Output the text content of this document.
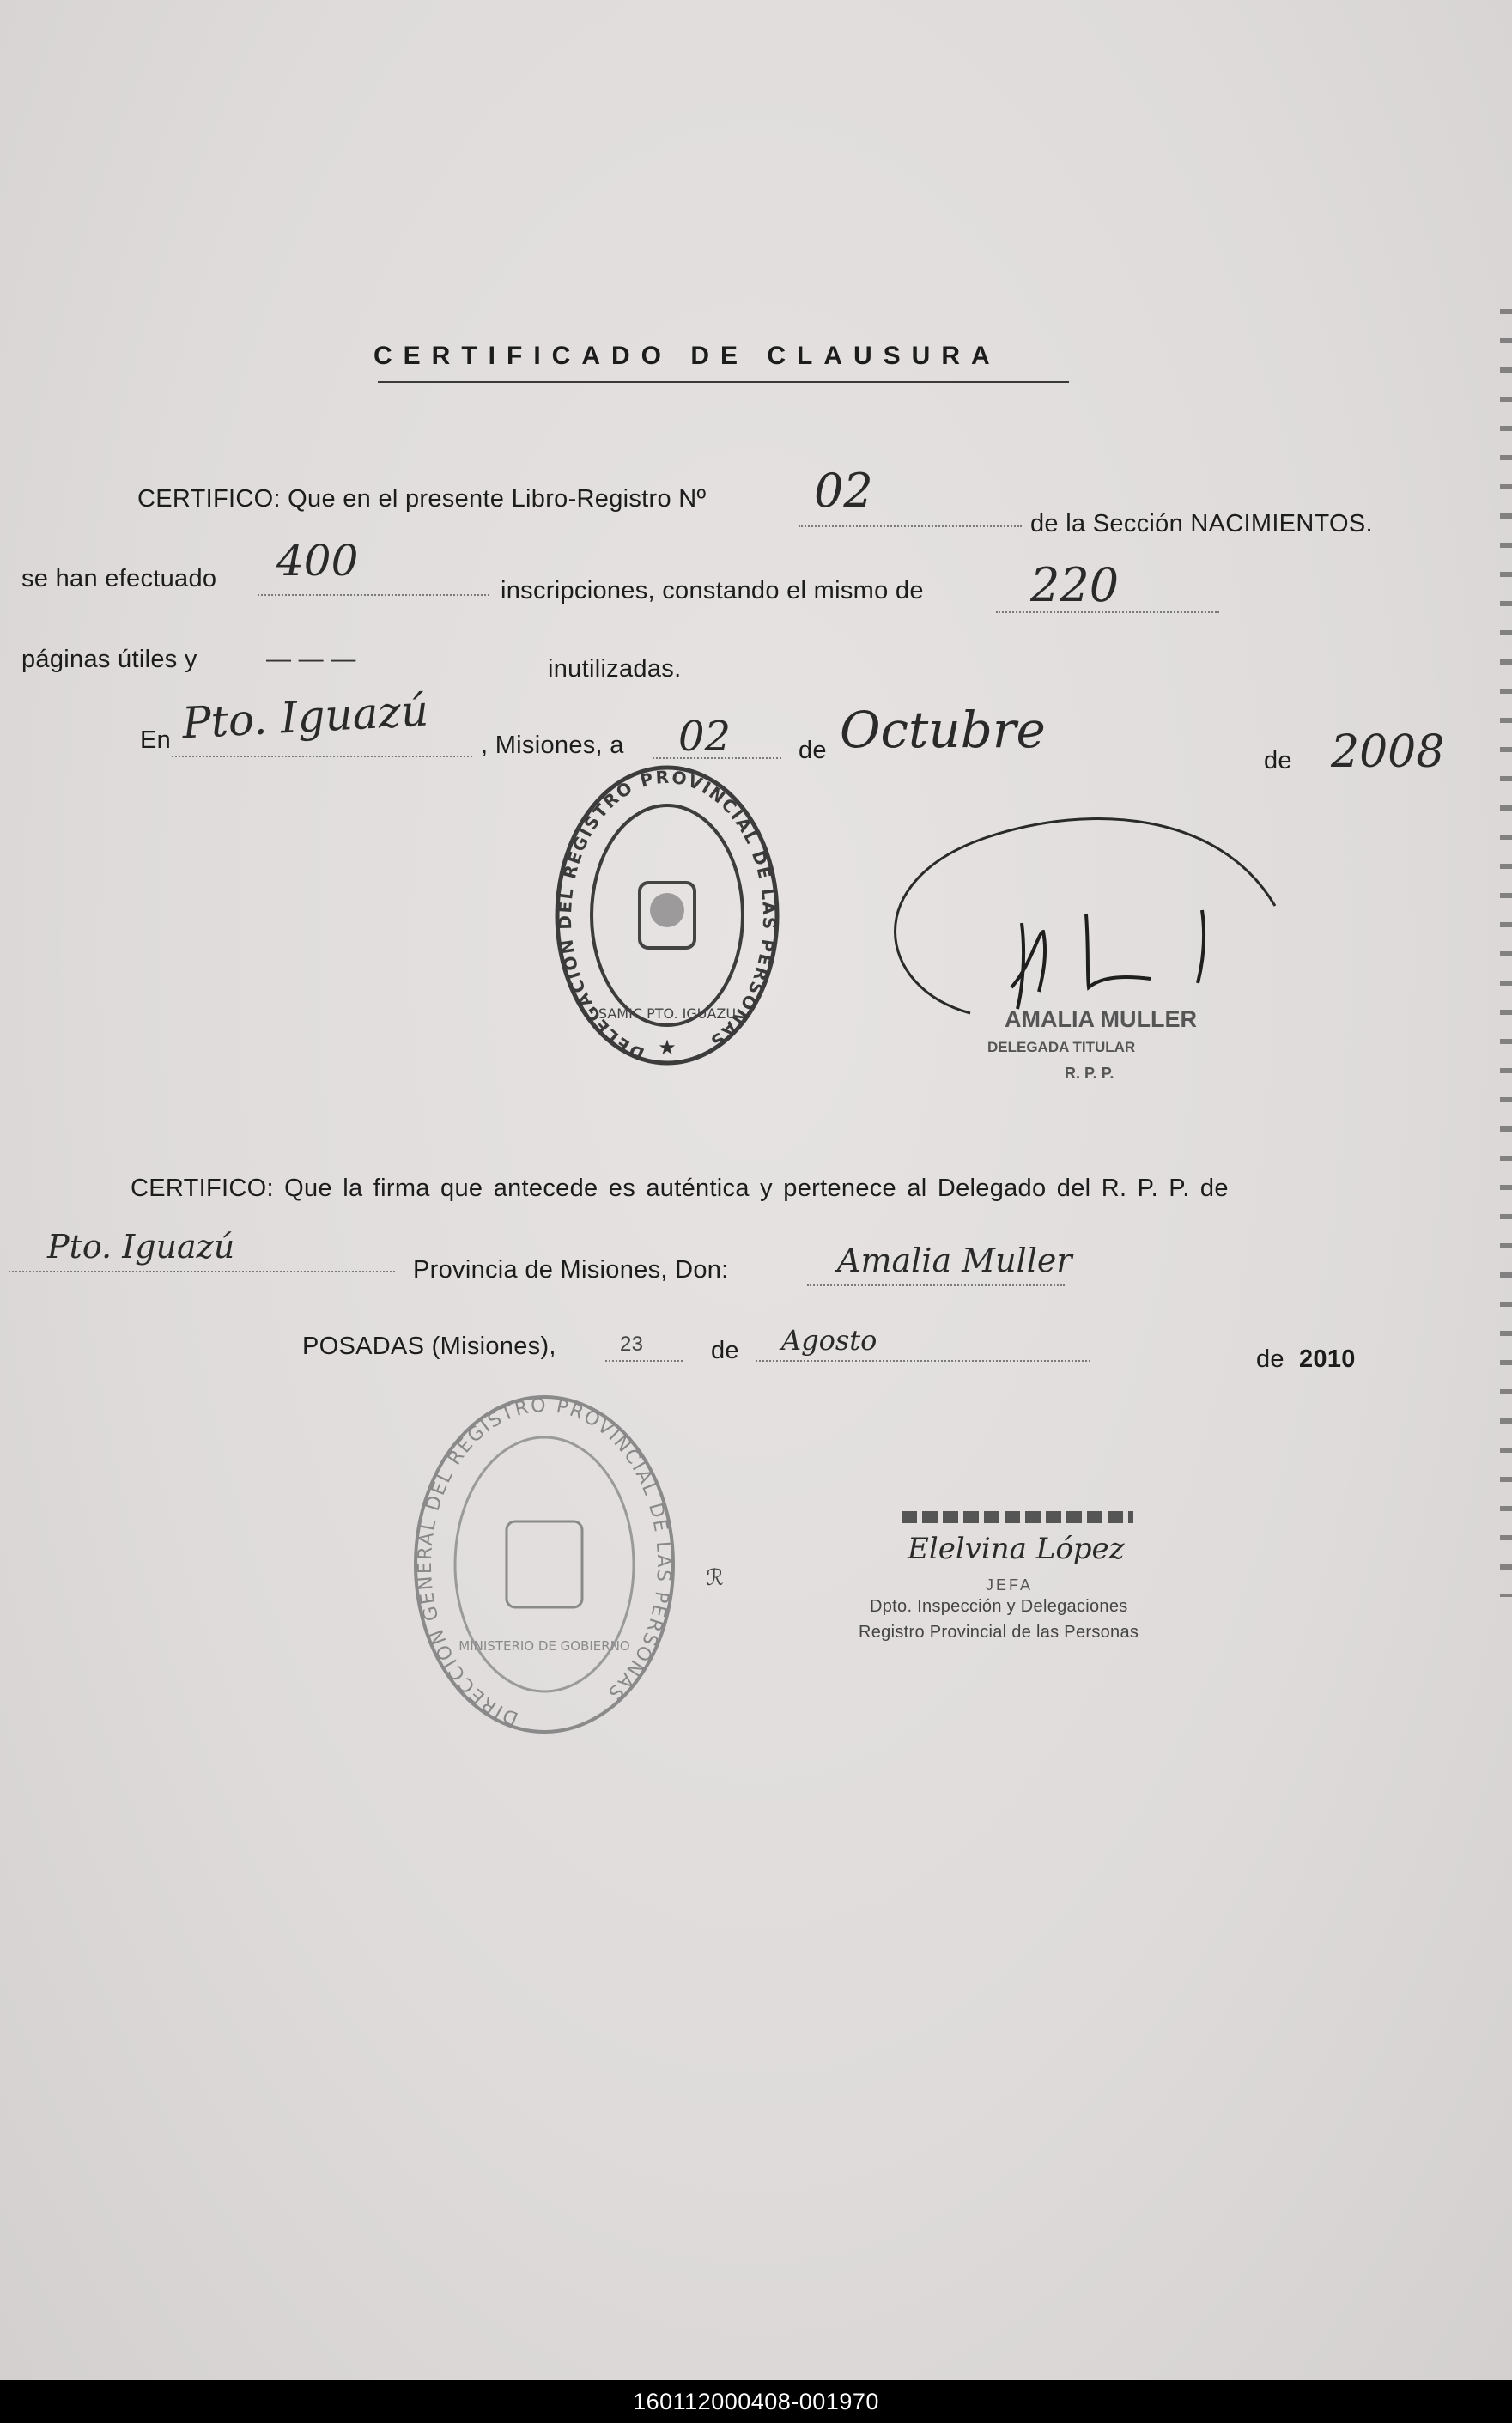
CERTIFICADO DE CLAUSURA
CERTIFICO: Que en el presente Libro-Registro Nº 02
de la Sección NACIMIENTOS.
se han efectuado 400
inscripciones, constando el mismo de 220
páginas útiles y	— — —	inutilizadas.
En Pto. Iguazú , Misiones, a 02	de Octubre
de 2008
DELEGACION DEL REGISTRO PROVINCIAL DE LAS PERSONAS
SAMIC PTO. IGUAZU
★
AMALIA MULLER
DELEGADA TITULAR
R. P. P.
CERTIFICO: Que la firma que antecede es auténtica y pertenece al Delegado del R. P. P. de
Pto. Iguazú
Provincia de Misiones, Don:	Amalia Muller
POSADAS (Misiones),	23	de Agosto
de 2010
DIRECCION GENERAL DEL REGISTRO PROVINCIAL DE LAS PERSONAS
MINISTERIO DE GOBIERNO
ℛ
Elelvina López
JEFA
Dpto. Inspección y Delegaciones
Registro Provincial de las Personas
160112000408-001970
